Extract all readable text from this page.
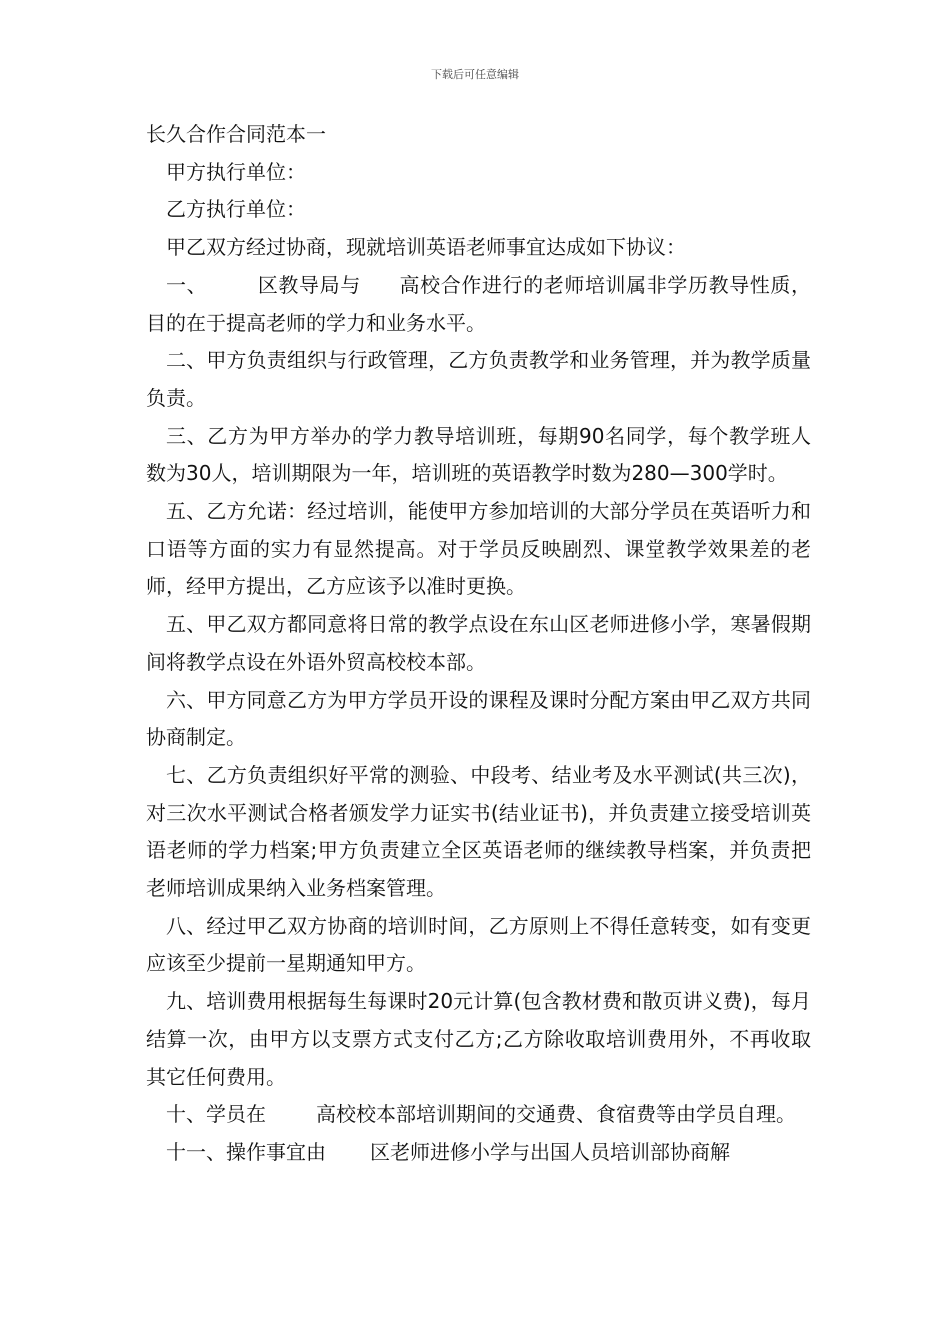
下载后可任意编辑

长久合作合同范本一

甲方执行单位：

乙方执行单位：

甲乙双方经过协商，现就培训英语老师事宜达成如下协议：

一、	区教导局与 高校合作进行的老师培训属非学历教导性质，目的在于提高老师的学力和业务水平。

二、甲方负责组织与行政管理，乙方负责教学和业务管理，并为教学质量负责。

三、乙方为甲方举办的学力教导培训班，每期90名同学，每个教学班人数为30人，培训期限为一年，培训班的英语教学时数为280—300学时。

五、乙方允诺：经过培训，能使甲方参加培训的大部分学员在英语听力和口语等方面的实力有显然提高。对于学员反映剧烈、课堂教学效果差的老师，经甲方提出，乙方应该予以准时更换。

五、甲乙双方都同意将日常的教学点设在东山区老师进修小学，寒暑假期间将教学点设在外语外贸高校校本部。

六、甲方同意乙方为甲方学员开设的课程及课时分配方案由甲乙双方共同协商制定。

七、乙方负责组织好平常的测验、中段考、结业考及水平测试(共三次)，对三次水平测试合格者颁发学力证实书(结业证书)，并负责建立接受培训英语老师的学力档案;甲方负责建立全区英语老师的继续教导档案，并负责把老师培训成果纳入业务档案管理。

八、经过甲乙双方协商的培训时间，乙方原则上不得任意转变，如有变更应该至少提前一星期通知甲方。

九、培训费用根据每生每课时20元计算(包含教材费和散页讲义费)，每月结算一次，由甲方以支票方式支付乙方;乙方除收取培训费用外，不再收取其它任何费用。

十、学员在	高校校本部培训期间的交通费、食宿费等由学员自理。

十一、操作事宜由 区老师进修小学与出国人员培训部协商解
